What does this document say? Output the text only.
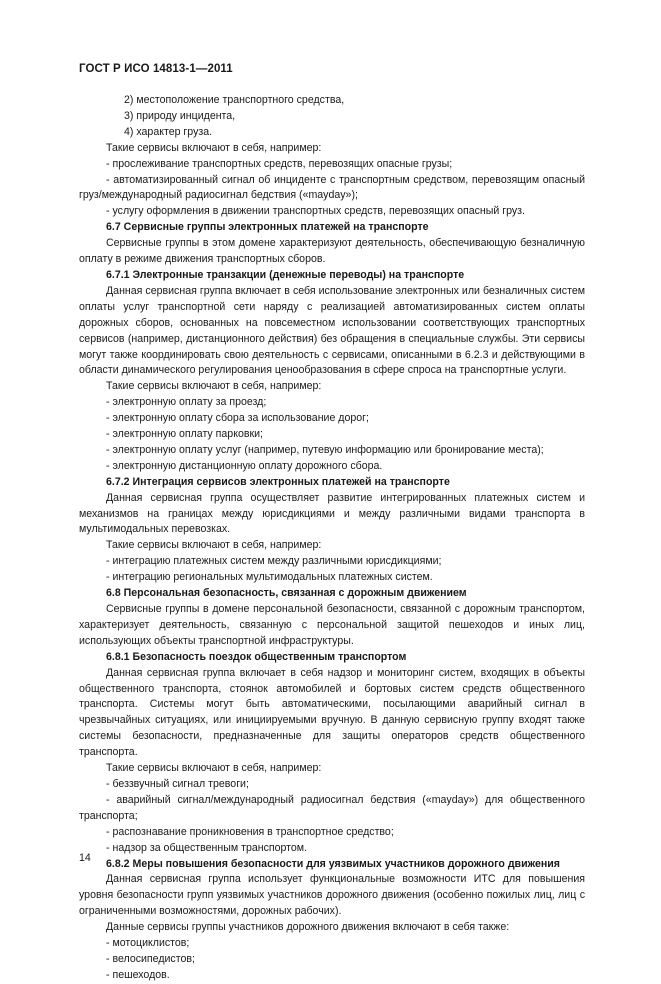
ГОСТ Р ИСО 14813-1—2011

2) местоположение транспортного средства,

3) природу инцидента,

4) характер груза.

Такие сервисы включают в себя, например:

- прослеживание транспортных средств, перевозящих опасные грузы;

- автоматизированный сигнал об инциденте с транспортным средством, перевозящим опасный груз/международный радиосигнал бедствия («mayday»);

- услугу оформления в движении транспортных средств, перевозящих опасный груз.

6.7 Сервисные группы электронных платежей на транспорте

Сервисные группы в этом домене характеризуют деятельность, обеспечивающую безналичную оплату в режиме движения транспортных сборов.

6.7.1 Электронные транзакции (денежные переводы) на транспорте

Данная сервисная группа включает в себя использование электронных или безналичных систем оплаты услуг транспортной сети наряду с реализацией автоматизированных систем оплаты дорожных сборов, основанных на повсеместном использовании соответствующих транспортных сервисов (например, дистанционного действия) без обращения в специальные службы. Эти сервисы могут также координировать свою деятельность с сервисами, описанными в 6.2.3 и действующими в области динамического регулирования ценообразования в сфере спроса на транспортные услуги.

Такие сервисы включают в себя, например:

- электронную оплату за проезд;

- электронную оплату сбора за использование дорог;

- электронную оплату парковки;

- электронную оплату услуг (например, путевую информацию или бронирование места);

- электронную дистанционную оплату дорожного сбора.

6.7.2 Интеграция сервисов электронных платежей на транспорте

Данная сервисная группа осуществляет развитие интегрированных платежных систем и механизмов на границах между юрисдикциями и между различными видами транспорта в мультимодальных перевозках.

Такие сервисы включают в себя, например:

- интеграцию платежных систем между различными юрисдикциями;

- интеграцию региональных мультимодальных платежных систем.

6.8 Персональная безопасность, связанная с дорожным движением

Сервисные группы в домене персональной безопасности, связанной с дорожным транспортом, характеризует деятельность, связанную с персональной защитой пешеходов и иных лиц, использующих объекты транспортной инфраструктуры.

6.8.1 Безопасность поездок общественным транспортом

Данная сервисная группа включает в себя надзор и мониторинг систем, входящих в объекты общественного транспорта, стоянок автомобилей и бортовых систем средств общественного транспорта. Системы могут быть автоматическими, посылающими аварийный сигнал в чрезвычайных ситуациях, или инициируемыми вручную. В данную сервисную группу входят также системы безопасности, предназначенные для защиты операторов средств общественного транспорта.

Такие сервисы включают в себя, например:

- беззвучный сигнал тревоги;

- аварийный сигнал/международный радиосигнал бедствия («mayday») для общественного транспорта;

- распознавание проникновения в транспортное средство;

- надзор за общественным транспортом.

6.8.2 Меры повышения безопасности для уязвимых участников дорожного движения

Данная сервисная группа использует функциональные возможности ИТС для повышения уровня безопасности групп уязвимых участников дорожного движения (особенно пожилых лиц, лиц с ограниченными возможностями, дорожных рабочих).

Данные сервисы группы участников дорожного движения включают в себя также:

- мотоциклистов;

- велосипедистов;

- пешеходов.

14
